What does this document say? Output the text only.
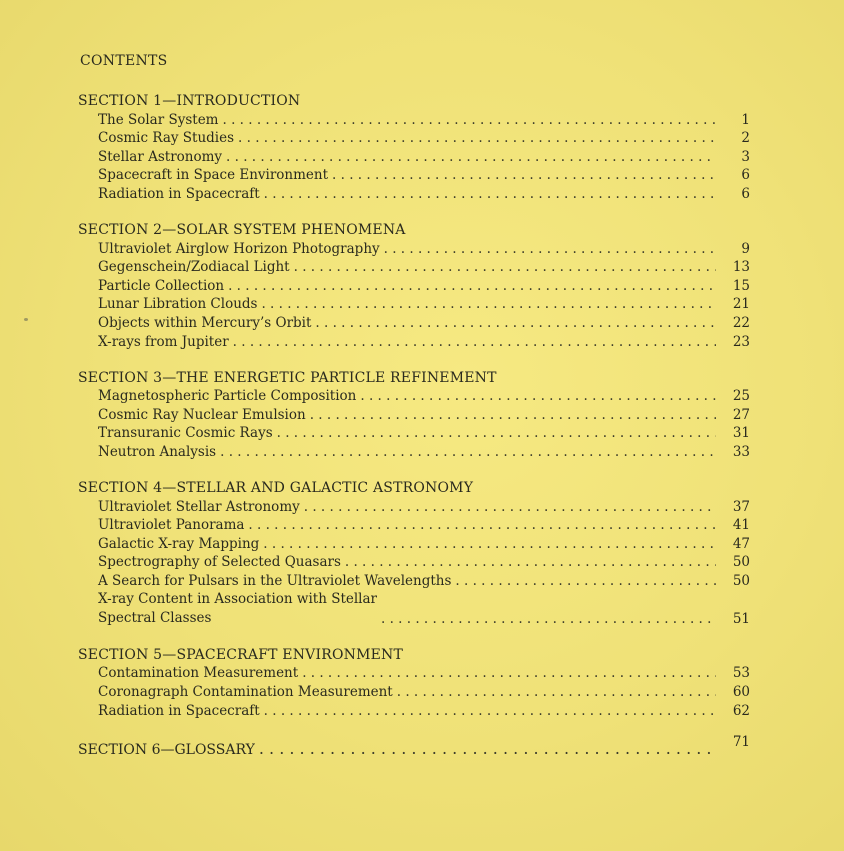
CONTENTS
SECTION 1—INTRODUCTION
The Solar System . . .	1
Cosmic Ray Studies . . .	2
Stellar Astronomy . . .	3
Spacecraft in Space Environment . . .	6
Radiation in Spacecraft . . .	6
SECTION 2—SOLAR SYSTEM PHENOMENA
Ultraviolet Airglow Horizon Photography . . .	9
Gegenschein/Zodiacal Light . . .	13
Particle Collection . . .	15
Lunar Libration Clouds . . .	21
Objects within Mercury’s Orbit . . .	22
X-rays from Jupiter . . .	23
SECTION 3—THE ENERGETIC PARTICLE REFINEMENT
Magnetospheric Particle Composition . . .	25
Cosmic Ray Nuclear Emulsion . . .	27
Transuranic Cosmic Rays . . .	31
Neutron Analysis . . .	33
SECTION 4—STELLAR AND GALACTIC ASTRONOMY
Ultraviolet Stellar Astronomy . . .	37
Ultraviolet Panorama . . .	41
Galactic X-ray Mapping . . .	47
Spectrography of Selected Quasars . . .	50
A Search for Pulsars in the Ultraviolet Wavelengths . . .	50
X-ray Content in Association with Stellar
Spectral Classes . . .	51
SECTION 5—SPACECRAFT ENVIRONMENT
Contamination Measurement . . .	53
Coronagraph Contamination Measurement . . .	60
Radiation in Spacecraft . . .	62
SECTION 6—GLOSSARY . . .	71
